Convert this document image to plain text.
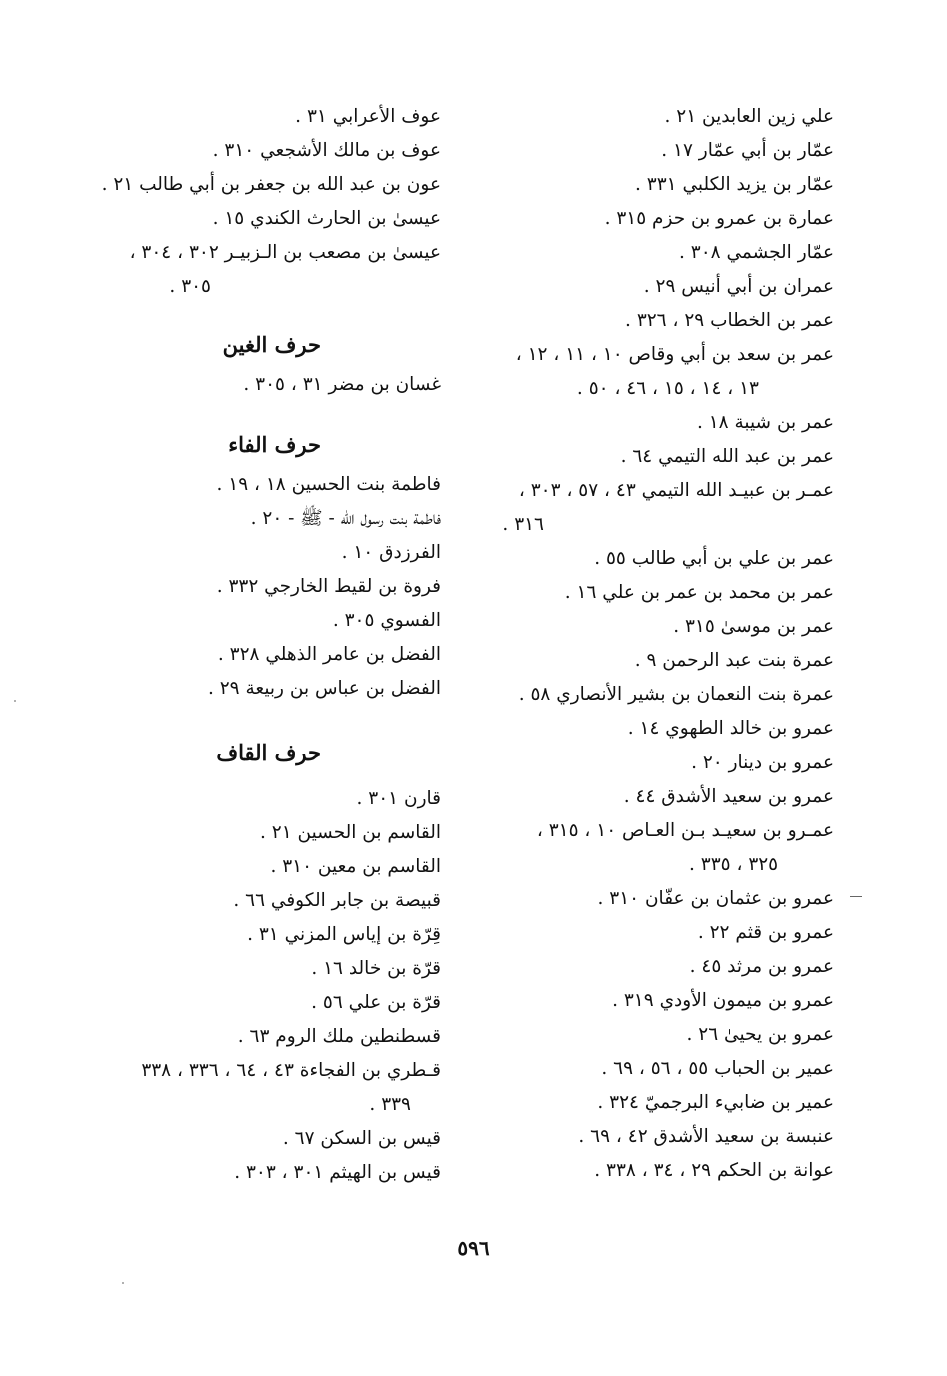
علي زين العابدين ٢١ .
عمّار بن أبي عمّار ١٧ .
عمّار بن يزيد الكلبي ٣٣١ .
عمارة بن عمرو بن حزم ٣١٥ .
عمّار الجشمي ٣٠٨ .
عمران بن أبي أنيس ٢٩ .
عمر بن الخطاب ٢٩ ، ٣٢٦ .
عمر بن سعد بن أبي وقاص ١٠ ، ١١ ، ١٢ ،
١٣ ، ١٤ ، ١٥ ، ٤٦ ، ٥٠ .
عمر بن شيبة ١٨ .
عمر بن عبد الله التيمي ٦٤ .
عمـر بن عبيـد الله التيمي ٤٣ ، ٥٧ ، ٣٠٣ ،
٣١٦ .
عمر بن علي بن أبي طالب ٥٥ .
عمر بن محمد بن عمر بن علي ١٦ .
عمر بن موسىٰ ٣١٥ .
عمرة بنت عبد الرحمن ٩ .
عمرة بنت النعمان بن بشير الأنصاري ٥٨ .
عمرو بن خالد الطهوي ١٤ .
عمرو بن دينار ٢٠ .
عمرو بن سعيد الأشدق ٤٤ .
عمـرو بن سعيـد بـن العـاص ١٠ ، ٣١٥ ،
٣٢٥ ، ٣٣٥ .
عمرو بن عثمان بن عفّان ٣١٠ .
عمرو بن قثم ٢٢ .
عمرو بن مرثد ٤٥ .
عمرو بن ميمون الأودي ٣١٩ .
عمرو بن يحيىٰ ٢٦ .
عمير بن الحباب ٥٥ ، ٥٦ ، ٦٩ .
عمير بن ضابيء البرجميّ ٣٢٤ .
عنبسة بن سعيد الأشدق ٤٢ ، ٦٩ .
عوانة بن الحكم ٢٩ ، ٣٤ ، ٣٣٨ .
عوف الأعرابي ٣١ .
عوف بن مالك الأشجعي ٣١٠ .
عون بن عبد الله بن جعفر بن أبي طالب ٢١ .
عيسىٰ بن الحارث الكندي ١٥ .
عيسىٰ بن مصعب بن الـزبيـر ٣٠٢ ، ٣٠٤ ،
٣٠٥ .
حرف الغين
غسان بن مضر ٣١ ، ٣٠٥ .
حرف الفاء
فاطمة بنت الحسين ١٨ ، ١٩ .
فاطمة بنت رسول الله - ﷺ - ٢٠ .
الفرزدق ١٠ .
فروة بن لقيط الخارجي ٣٣٢ .
الفسوي ٣٠٥ .
الفضل بن عامر الذهلي ٣٢٨ .
الفضل بن عباس بن ربيعة ٢٩ .
حرف القاف
قارن ٣٠١ .
القاسم بن الحسين ٢١ .
القاسم بن معين ٣١٠ .
قبيصة بن جابر الكوفي ٦٦ .
قِرّة بن إياس المزني ٣١ .
قرّة بن خالد ١٦ .
قرّة بن علي ٥٦ .
قسطنطين ملك الروم ٦٣ .
قـطري بن الفجاءة ٤٣ ، ٦٤ ، ٣٣٦ ، ٣٣٨
٣٣٩ .
قيس بن السكن ٦٧ .
قيس بن الهيثم ٣٠١ ، ٣٠٣ .
٥٩٦
